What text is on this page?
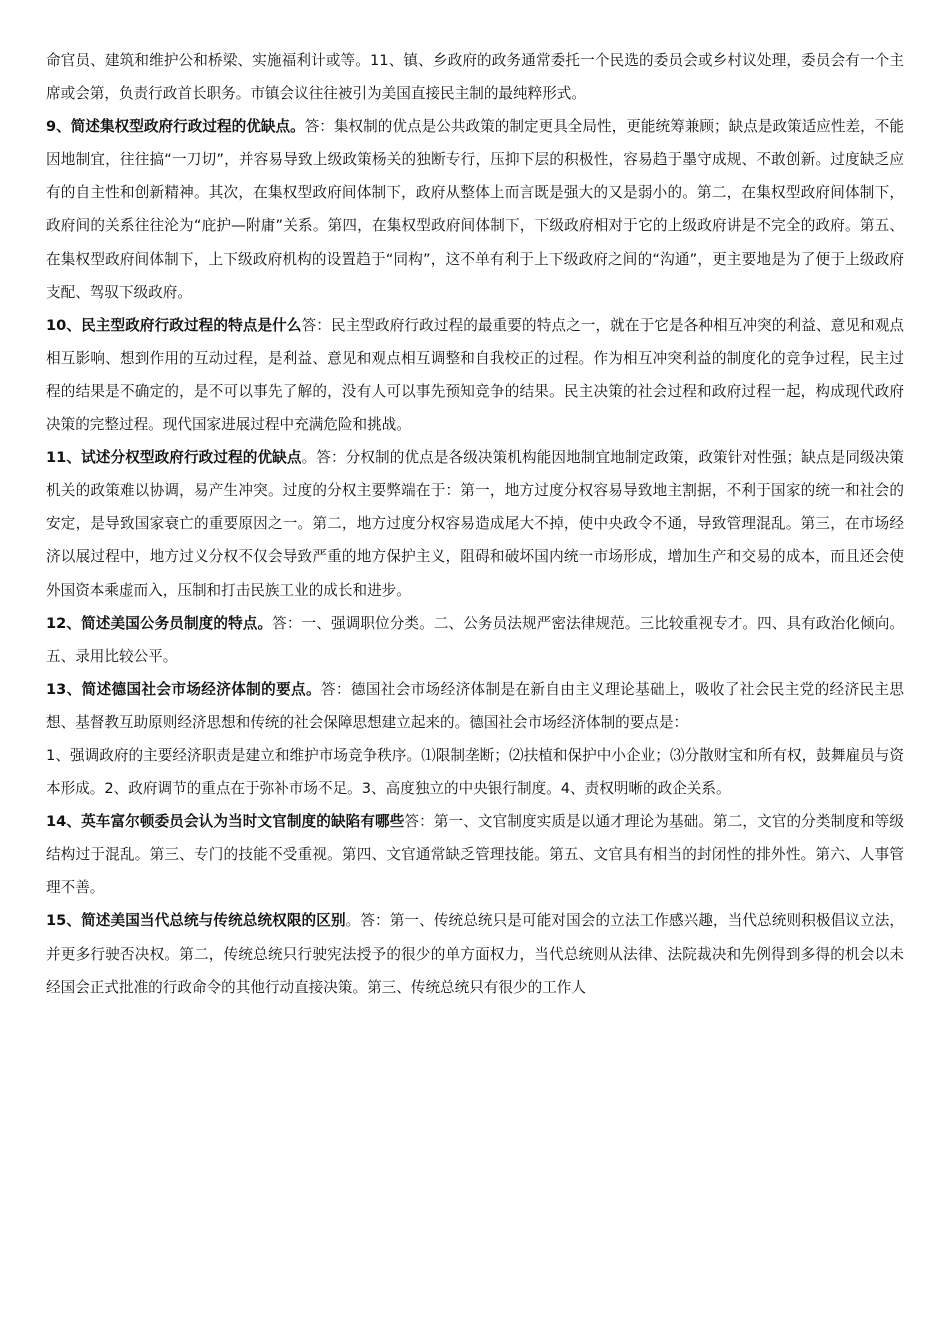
命官员、建筑和维护公和桥梁、实施福利计或等。11、镇、乡政府的政务通常委托一个民选的委员会或乡村议处理，委员会有一个主席或会第，负责行政首长职务。市镇会议往往被引为美国直接民主制的最纯粹形式。

9、简述集权型政府行政过程的优缺点。答：集权制的优点是公共政策的制定更具全局性，更能统筹兼顾；缺点是政策适应性差，不能因地制宜，往往搞“一刀切”，并容易导致上级政策杨关的独断专行，压抑下层的积极性，容易趋于墨守成规、不敢创新。过度缺乏应有的自主性和创新精神。其次，在集权型政府间体制下，政府从整体上而言既是强大的又是弱小的。第二，在集权型政府间体制下，政府间的关系往往沦为“庇护—附庸”关系。第四，在集权型政府间体制下，下级政府相对于它的上级政府讲是不完全的政府。第五、在集权型政府间体制下，上下级政府机构的设置趋于“同构”，这不单有利于上下级政府之间的“沟通”，更主要地是为了便于上级政府支配、驾驭下级政府。

10、民主型政府行政过程的特点是什么答：民主型政府行政过程的最重要的特点之一，就在于它是各种相互冲突的利益、意见和观点相互影响、想到作用的互动过程，是利益、意见和观点相互调整和自我校正的过程。作为相互冲突利益的制度化的竞争过程，民主过程的结果是不确定的，是不可以事先了解的，没有人可以事先预知竞争的结果。民主决策的社会过程和政府过程一起，构成现代政府决策的完整过程。现代国家进展过程中充满危险和挑战。

11、试述分权型政府行政过程的优缺点。答：分权制的优点是各级决策机构能因地制宜地制定政策，政策针对性强；缺点是同级决策机关的政策难以协调，易产生冲突。过度的分权主要弊端在于：第一，地方过度分权容易导致地主割据，不利于国家的统一和社会的安定，是导致国家衰亡的重要原因之一。第二，地方过度分权容易造成尾大不掉，使中央政令不通，导致管理混乱。第三，在市场经济以展过程中，地方过义分权不仅会导致严重的地方保护主义，阻碍和破坏国内统一市场形成，增加生产和交易的成本，而且还会使外国资本乘虚而入，压制和打击民族工业的成长和进步。

12、简述美国公务员制度的特点。答：一、强调职位分类。二、公务员法规严密法律规范。三比较重视专才。四、具有政治化倾向。五、录用比较公平。

13、简述德国社会市场经济体制的要点。答：德国社会市场经济体制是在新自由主义理论基础上，吸收了社会民主党的经济民主思想、基督教互助原则经济思想和传统的社会保障思想建立起来的。德国社会市场经济体制的要点是：

1、强调政府的主要经济职责是建立和维护市场竞争秩序。⑴限制垄断；⑵扶植和保护中小企业；⑶分散财宝和所有权，鼓舞雇员与资本形成。2、政府调节的重点在于弥补市场不足。3、高度独立的中央银行制度。4、责权明晰的政企关系。

14、英车富尔顿委员会认为当时文官制度的缺陷有哪些答：第一、文官制度实质是以通才理论为基础。第二，文官的分类制度和等级结构过于混乱。第三、专门的技能不受重视。第四、文官通常缺乏管理技能。第五、文官具有相当的封闭性的排外性。第六、人事管理不善。

15、简述美国当代总统与传统总统权限的区别。答：第一、传统总统只是可能对国会的立法工作感兴趣，当代总统则积极倡议立法，并更多行驶否决权。第二，传统总统只行驶宪法授予的很少的单方面权力，当代总统则从法律、法院裁决和先例得到多得的机会以未经国会正式批准的行政命令的其他行动直接决策。第三、传统总统只有很少的工作人
